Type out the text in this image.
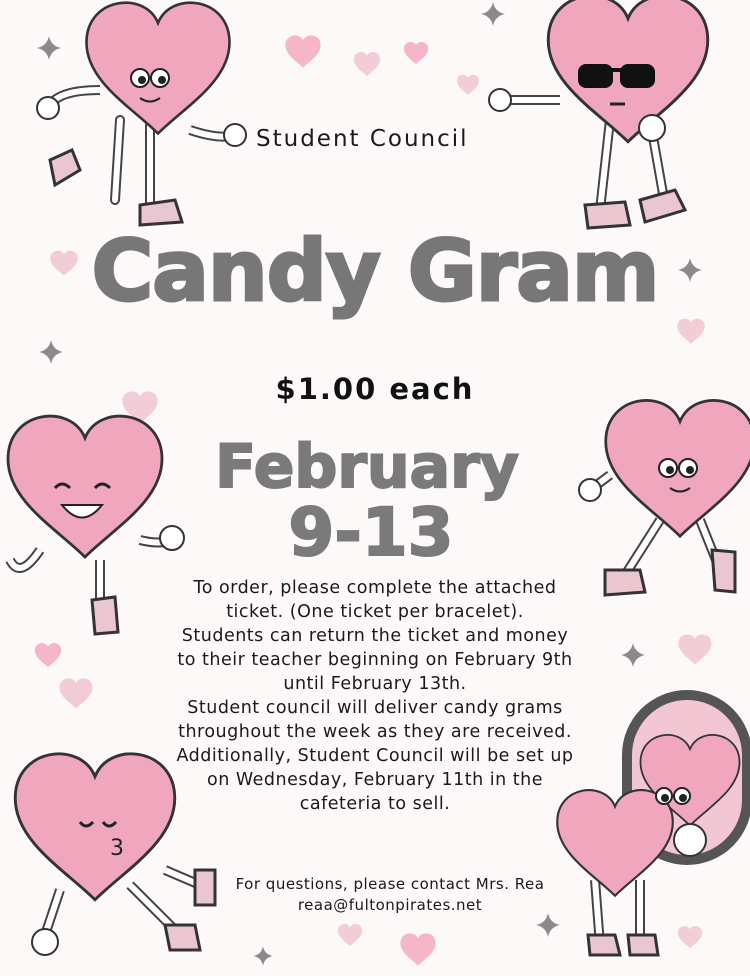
3
Student Council
Candy Gram
$1.00 each
February
9-13

To order, please complete the attached ticket. (One ticket per bracelet).

Students can return the ticket and money to their teacher beginning on February 9th until February 13th.

Student council will deliver candy grams throughout the week as they are received.

Additionally, Student Council will be set up on Wednesday, February 11th in the cafeteria to sell.

For questions, please contact Mrs. Rea
reaa@fultonpirates.net
